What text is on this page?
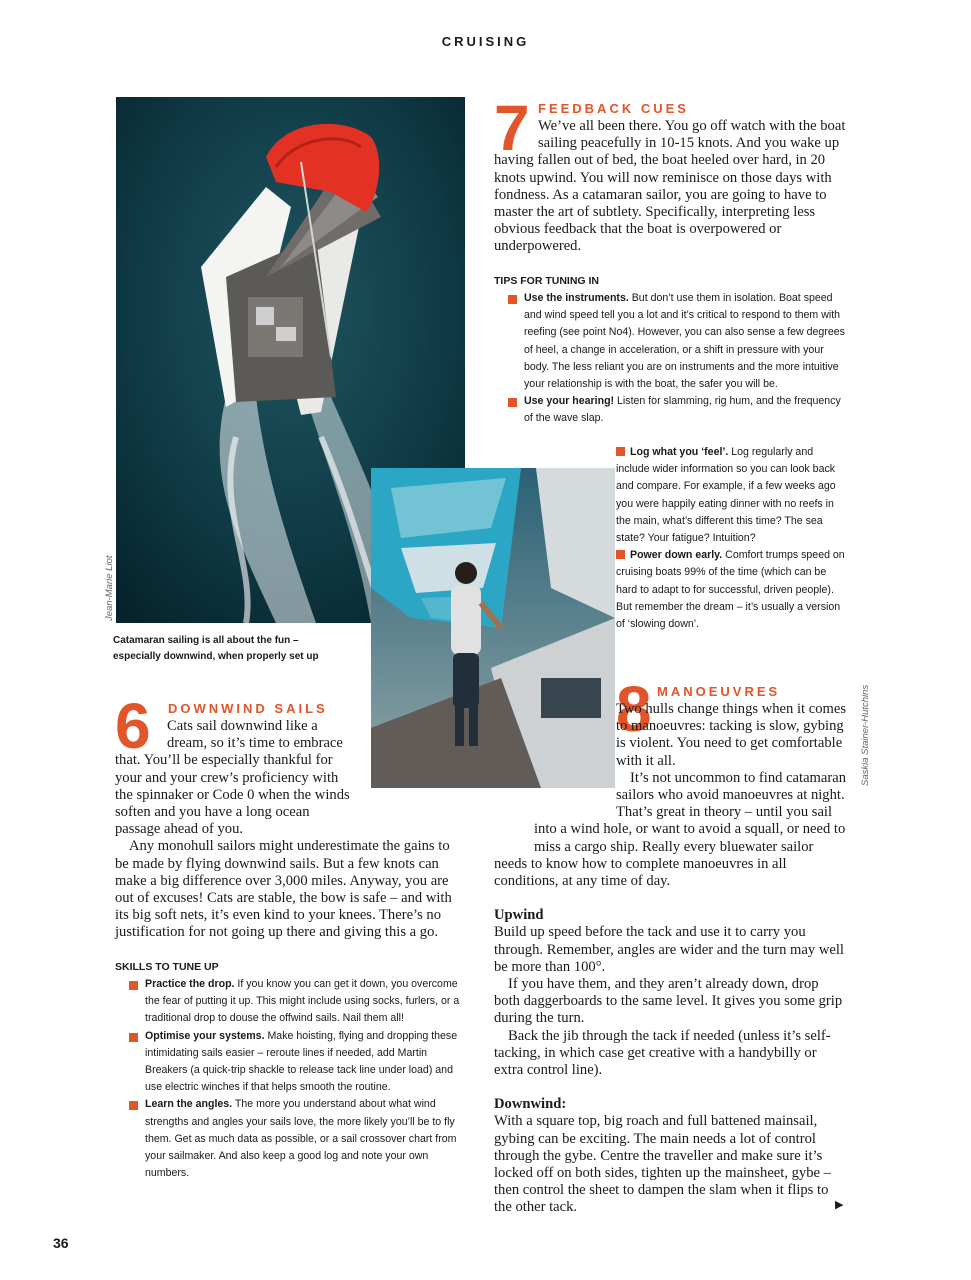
CRUISING
Jean-Marie Liot
Catamaran sailing is all about the fun –
especially downwind, when properly set up
Saskia Stainer-Hutchins
7 FEEDBACK CUES
We’ve all been there. You go off watch with the boat sailing peacefully in 10-15 knots. And you wake up having fallen out of bed, the boat heeled over hard, in 20 knots upwind. You will now reminisce on those days with fondness. As a catamaran sailor, you are going to have to master the art of subtlety. Specifically, interpreting less obvious feedback that the boat is overpowered or underpowered.
TIPS FOR TUNING IN
Use the instruments. But don’t use them in isolation. Boat speed and wind speed tell you a lot and it’s critical to respond to them with reefing (see point No4). However, you can also sense a few degrees of heel, a change in acceleration, or a shift in pressure with your body. The less reliant you are on instruments and the more intuitive your relationship is with the boat, the safer you will be.
Use your hearing! Listen for slamming, rig hum, and the frequency of the wave slap.
Log what you ‘feel’. Log regularly and include wider information so you can look back and compare. For example, if a few weeks ago you were happily eating dinner with no reefs in the main, what’s different this time? The sea state? Your fatigue? Intuition?
Power down early. Comfort trumps speed on cruising boats 99% of the time (which can be hard to adapt to for successful, driven people). But remember the dream – it’s usually a version of ‘slowing down’.
6 DOWNWIND SAILS

Cats sail downwind like a dream, so it’s time to embrace that. You’ll be especially thankful for your and your crew’s proficiency with the spinnaker or Code 0 when the winds soften and you have a long ocean passage ahead of you.

Any monohull sailors might underestimate the gains to be made by flying downwind sails. But a few knots can make a big difference over 3,000 miles. Anyway, you are out of excuses! Cats are stable, the bow is safe – and with its big soft nets, it’s even kind to your knees. There’s no justification for not going up there and giving this a go.

SKILLS TO TUNE UP
Practice the drop. If you know you can get it down, you overcome the fear of putting it up. This might include using socks, furlers, or a traditional drop to douse the offwind sails. Nail them all!
Optimise your systems. Make hoisting, flying and dropping these intimidating sails easier – reroute lines if needed, add Martin Breakers (a quick-trip shackle to release tack line under load) and use electric winches if that helps smooth the routine.
Learn the angles. The more you understand about what wind strengths and angles your sails love, the more likely you’ll be to fly them. Get as much data as possible, or a sail crossover chart from your sailmaker. And also keep a good log and note your own numbers.
8 MANOEUVRES

Two hulls change things when it comes to manoeuvres: tacking is slow, gybing is violent. You need to get comfortable with it all.

It’s not uncommon to find catamaran sailors who avoid manoeuvres at night. That’s great in theory – until you sail into a wind hole, or want to avoid a squall, or need to miss a cargo ship. Really every bluewater sailor needs to know how to complete manoeuvres in all conditions, at any time of day.

Upwind

Build up speed before the tack and use it to carry you through. Remember, angles are wider and the turn may well be more than 100°.

If you have them, and they aren’t already down, drop both daggerboards to the same level. It gives you some grip during the turn.

Back the jib through the tack if needed (unless it’s self-tacking, in which case get creative with a handybilly or extra control line).

Downwind:

With a square top, big roach and full battened mainsail, gybing can be exciting. The main needs a lot of control through the gybe. Centre the traveller and make sure it’s locked off on both sides, tighten up the mainsheet, gybe – then control the sheet to dampen the slam when it flips to the other tack.	▶
36
